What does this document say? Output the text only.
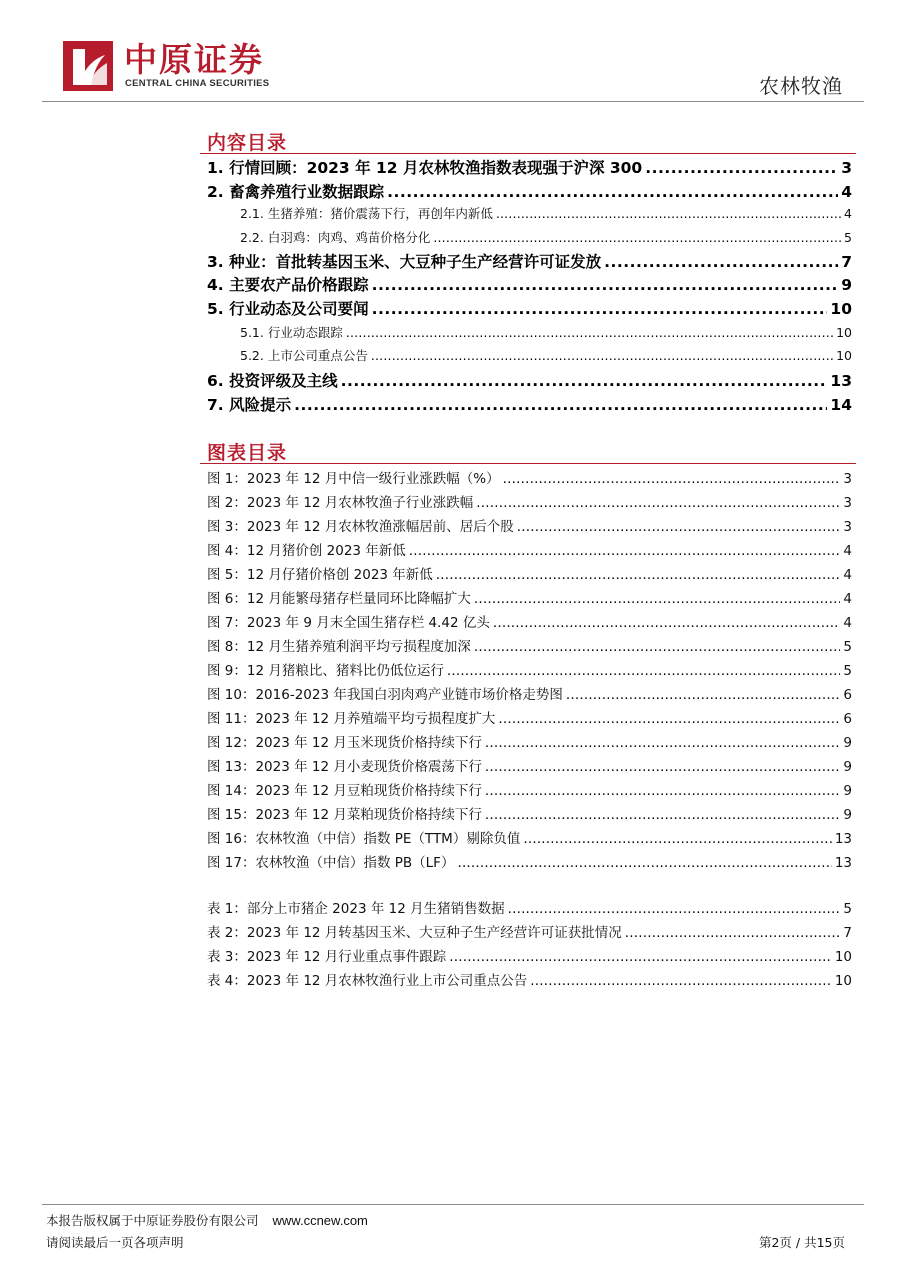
中原证券
CENTRAL CHINA SECURITIES	农林牧渔
内容目录
1. 行情回顾：2023 年 12 月农林牧渔指数表现强于沪深 300 .....	3
2. 畜禽养殖行业数据跟踪 .....	4
2.1. 生猪养殖：猪价震荡下行，再创年内新低 .....	4
2.2. 白羽鸡：肉鸡、鸡苗价格分化 .....	5
3. 种业：首批转基因玉米、大豆种子生产经营许可证发放 .....	7
4. 主要农产品价格跟踪 .....	9
5. 行业动态及公司要闻 .....	10
5.1. 行业动态跟踪 .....	10
5.2. 上市公司重点公告 .....	10
6. 投资评级及主线 .....	13
7. 风险提示 .....	14
图表目录
图 1：2023 年 12 月中信一级行业涨跌幅（%） .....	3
图 2：2023 年 12 月农林牧渔子行业涨跌幅 .....	3
图 3：2023 年 12 月农林牧渔涨幅居前、居后个股 .....	3
图 4：12 月猪价创 2023 年新低 .....	4
图 5：12 月仔猪价格创 2023 年新低 .....	4
图 6：12 月能繁母猪存栏量同环比降幅扩大 .....	4
图 7：2023 年 9 月末全国生猪存栏 4.42 亿头 .....	4
图 8：12 月生猪养殖利润平均亏损程度加深 .....	5
图 9：12 月猪粮比、猪料比仍低位运行 .....	5
图 10：2016-2023 年我国白羽肉鸡产业链市场价格走势图 .....	6
图 11：2023 年 12 月养殖端平均亏损程度扩大 .....	6
图 12：2023 年 12 月玉米现货价格持续下行 .....	9
图 13：2023 年 12 月小麦现货价格震荡下行 .....	9
图 14：2023 年 12 月豆粕现货价格持续下行 .....	9
图 15：2023 年 12 月菜粕现货价格持续下行 .....	9
图 16：农林牧渔（中信）指数 PE（TTM）剔除负值 .....	13
图 17：农林牧渔（中信）指数 PB（LF） .....	13
表 1：部分上市猪企 2023 年 12 月生猪销售数据 .....	5
表 2：2023 年 12 月转基因玉米、大豆种子生产经营许可证获批情况 .....	7
表 3：2023 年 12 月行业重点事件跟踪 .....	10
表 4：2023 年 12 月农林牧渔行业上市公司重点公告 .....	10
本报告版权属于中原证券股份有限公司 www.ccnew.com
请阅读最后一页各项声明	第2页 / 共15页
